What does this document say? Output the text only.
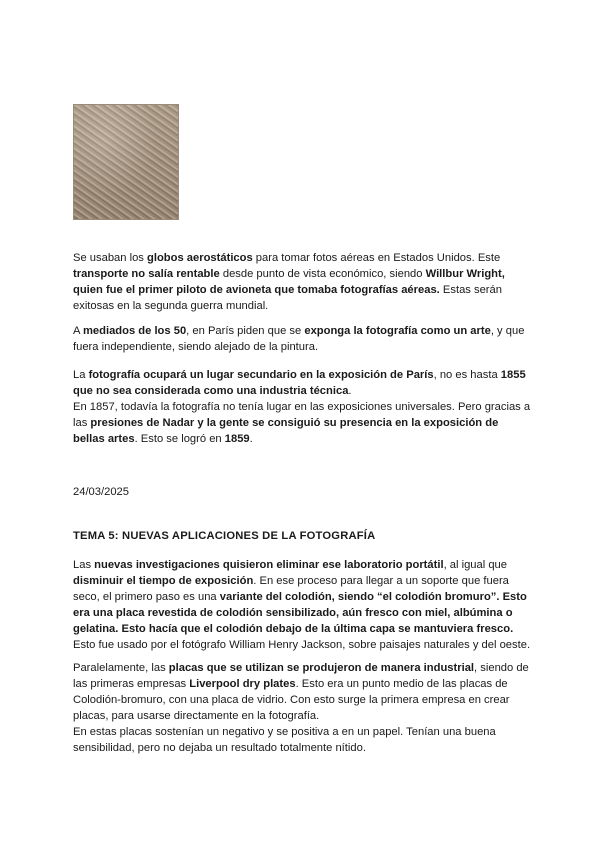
Se usaban los globos aerostáticos para tomar fotos aéreas en Estados Unidos. Este transporte no salía rentable desde punto de vista económico, siendo Willbur Wright, quien fue el primer piloto de avioneta que tomaba fotografías aéreas. Estas serán exitosas en la segunda guerra mundial.

A mediados de los 50, en París piden que se exponga la fotografía como un arte, y que fuera independiente, siendo alejado de la pintura.

La fotografía ocupará un lugar secundario en la exposición de París, no es hasta 1855 que no sea considerada como una industria técnica.
En 1857, todavía la fotografía no tenía lugar en las exposiciones universales. Pero gracias a las presiones de Nadar y la gente se consiguió su presencia en la exposición de bellas artes. Esto se logró en 1859.

24/03/2025
TEMA 5: NUEVAS APLICACIONES DE LA FOTOGRAFÍA

Las nuevas investigaciones quisieron eliminar ese laboratorio portátil, al igual que disminuir el tiempo de exposición. En ese proceso para llegar a un soporte que fuera seco, el primero paso es una variante del colodión, siendo “el colodión bromuro”. Esto era una placa revestida de colodión sensibilizado, aún fresco con miel, albúmina o gelatina. Esto hacía que el colodión debajo de la última capa se mantuviera fresco.
Esto fue usado por el fotógrafo William Henry Jackson, sobre paisajes naturales y del oeste.

Paralelamente, las placas que se utilizan se produjeron de manera industrial, siendo de las primeras empresas Liverpool dry plates. Esto era un punto medio de las placas de Colodión-bromuro, con una placa de vidrio. Con esto surge la primera empresa en crear placas, para usarse directamente en la fotografía.
En estas placas sostenían un negativo y se positiva a en un papel. Tenían una buena sensibilidad, pero no dejaba un resultado totalmente nítido.
